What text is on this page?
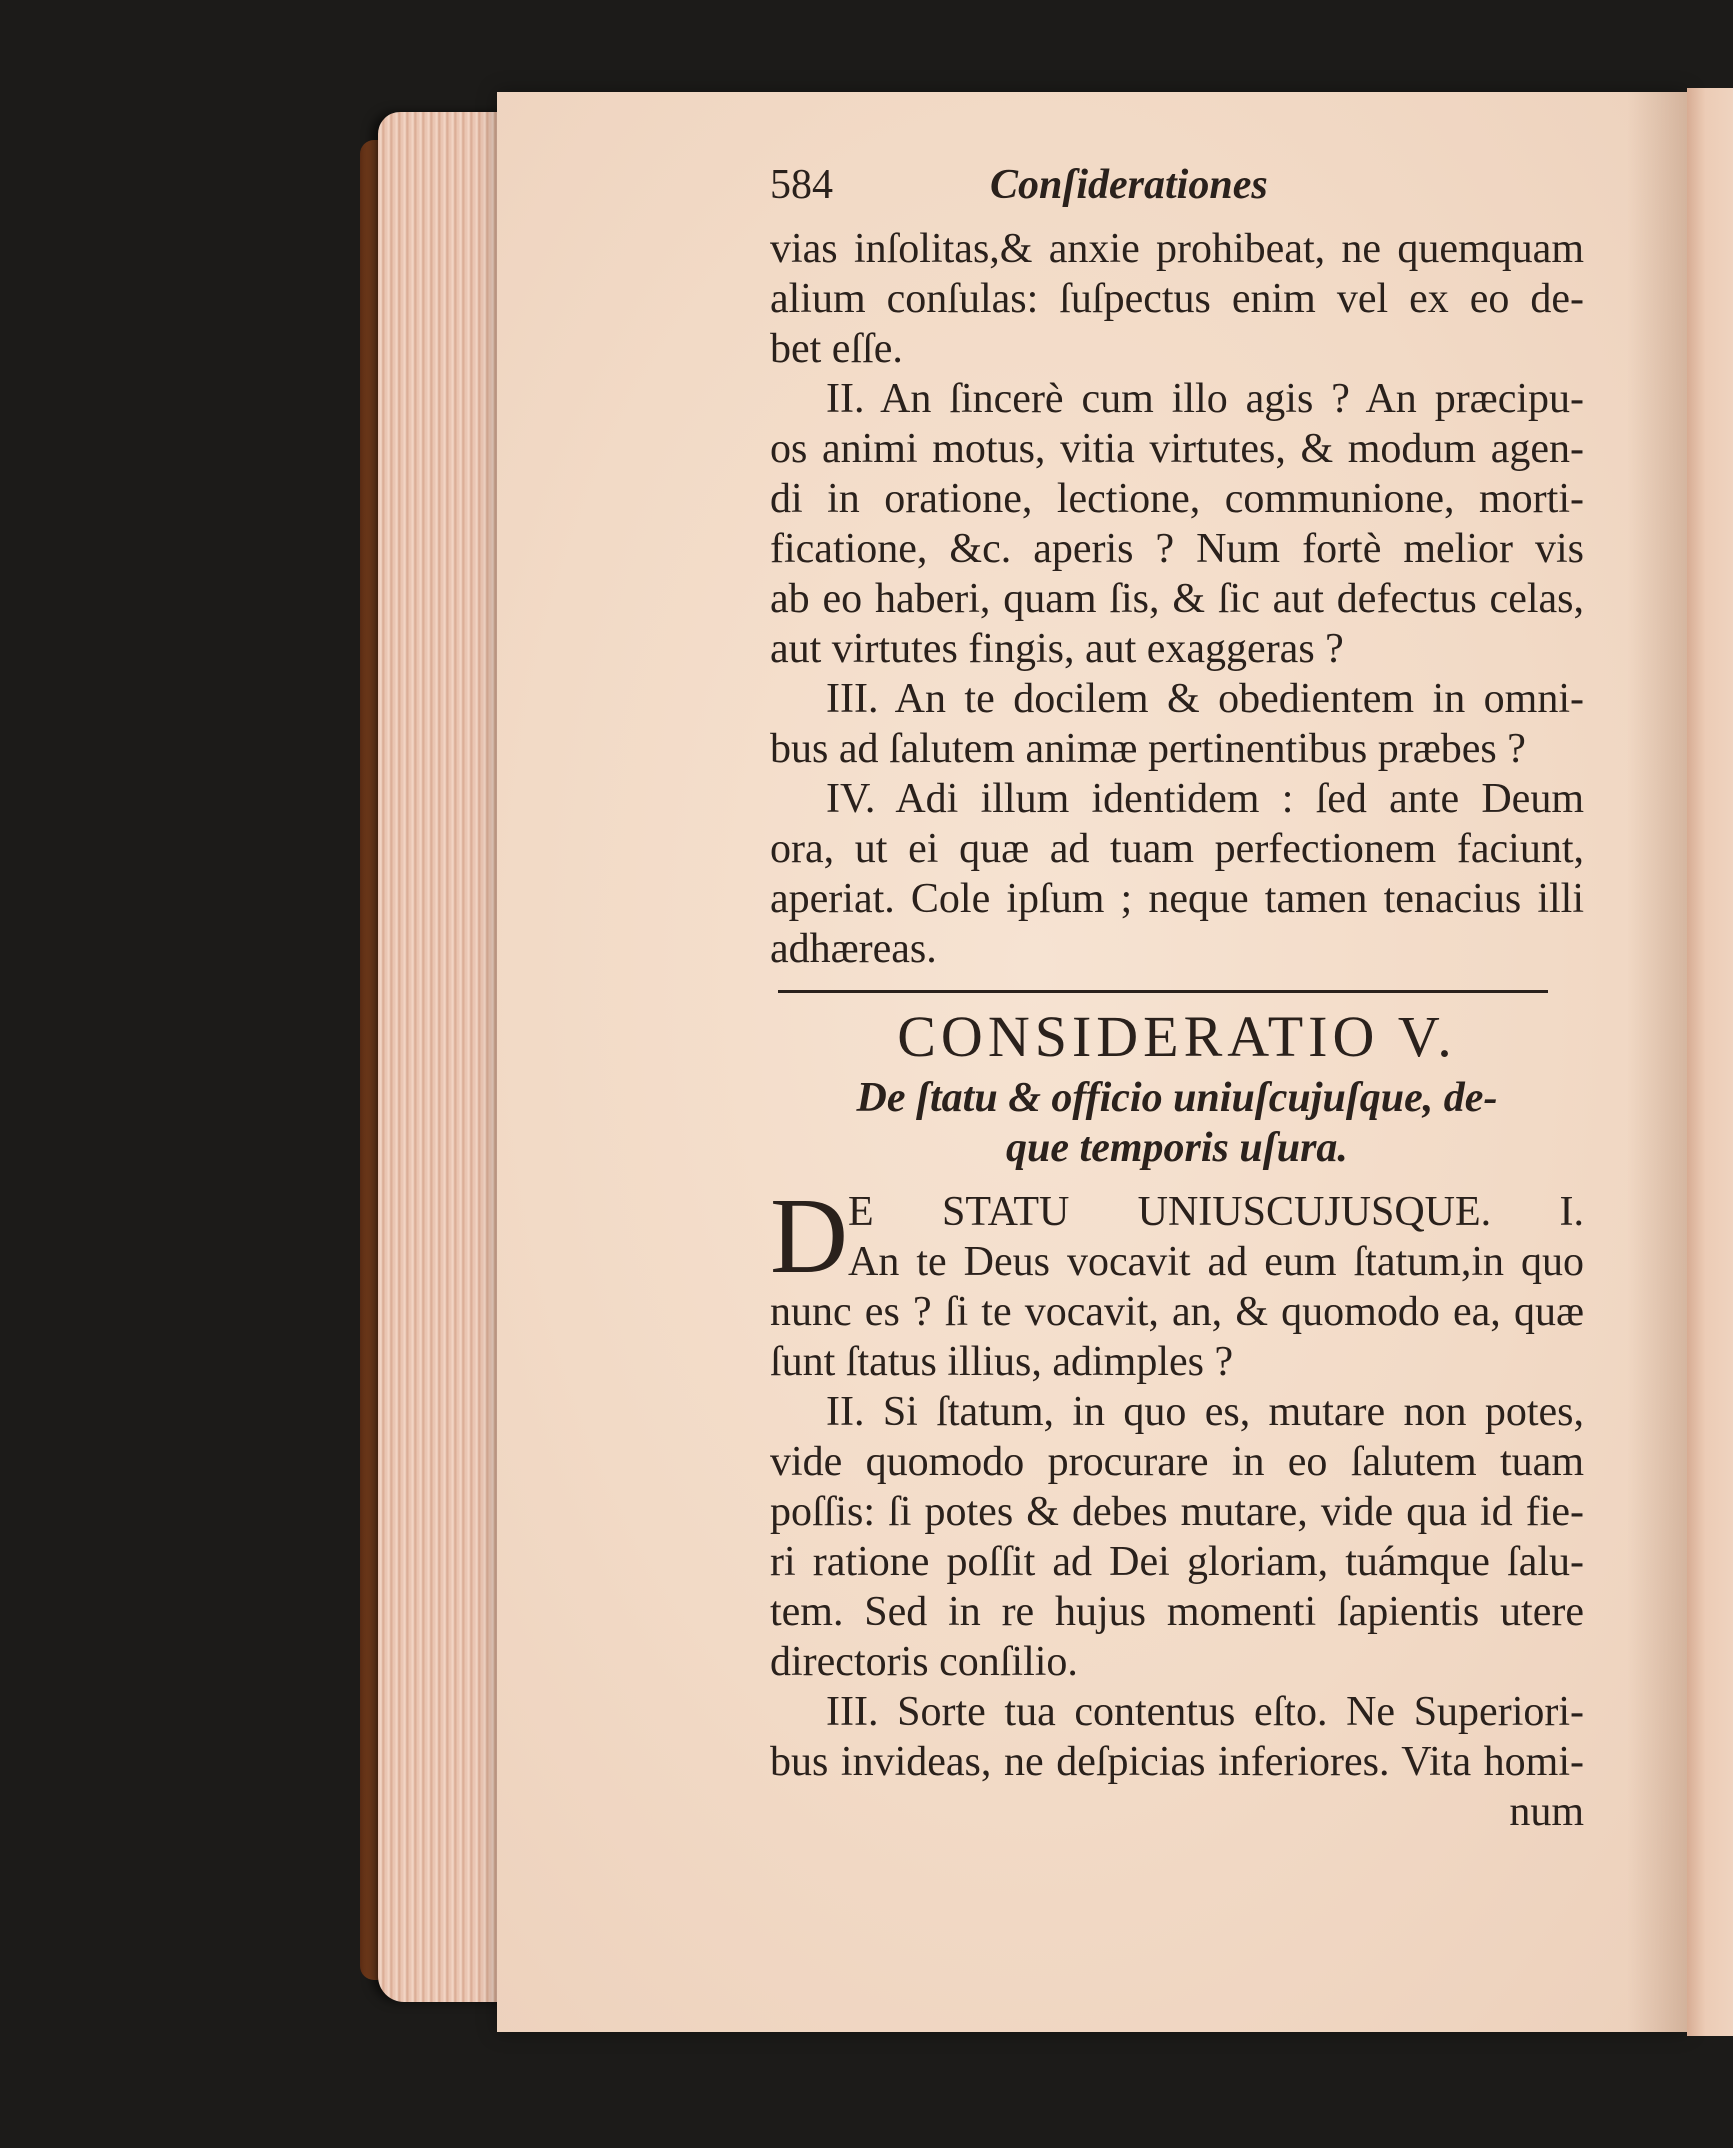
584	Conſiderationes
vias inſolitas,& anxie prohibeat, ne quemquam
alium conſulas: ſuſpectus enim vel ex eo de-
bet eſſe.
II. An ſincerè cum illo agis ? An præcipu-
os animi motus, vitia virtutes, & modum agen-
di in oratione, lectione, communione, morti-
ficatione, &c. aperis ? Num fortè melior vis
ab eo haberi, quam ſis, & ſic aut defectus celas,
aut virtutes fingis, aut exaggeras ?
III. An te docilem & obedientem in omni-
bus ad ſalutem animæ pertinentibus præbes ?
IV. Adi illum identidem : ſed ante Deum
ora, ut ei quæ ad tuam perfectionem faciunt,
aperiat. Cole ipſum ; neque tamen tenacius illi
adhæreas.
CONSIDERATIO V.
De ſtatu & officio uniuſcujuſque, de-
que temporis uſura.
D E STATU UNIUSCUJUSQUE. I.
An te Deus vocavit ad eum ſtatum,in quo
nunc es ? ſi te vocavit, an, & quomodo ea, quæ
ſunt ſtatus illius, adimples ?
II. Si ſtatum, in quo es, mutare non potes,
vide quomodo procurare in eo ſalutem tuam
poſſis: ſi potes & debes mutare, vide qua id fie-
ri ratione poſſit ad Dei gloriam, tuámque ſalu-
tem. Sed in re hujus momenti ſapientis utere
directoris conſilio.
III. Sorte tua contentus eſto. Ne Superiori-
bus invideas, ne deſpicias inferiores. Vita homi-
num
